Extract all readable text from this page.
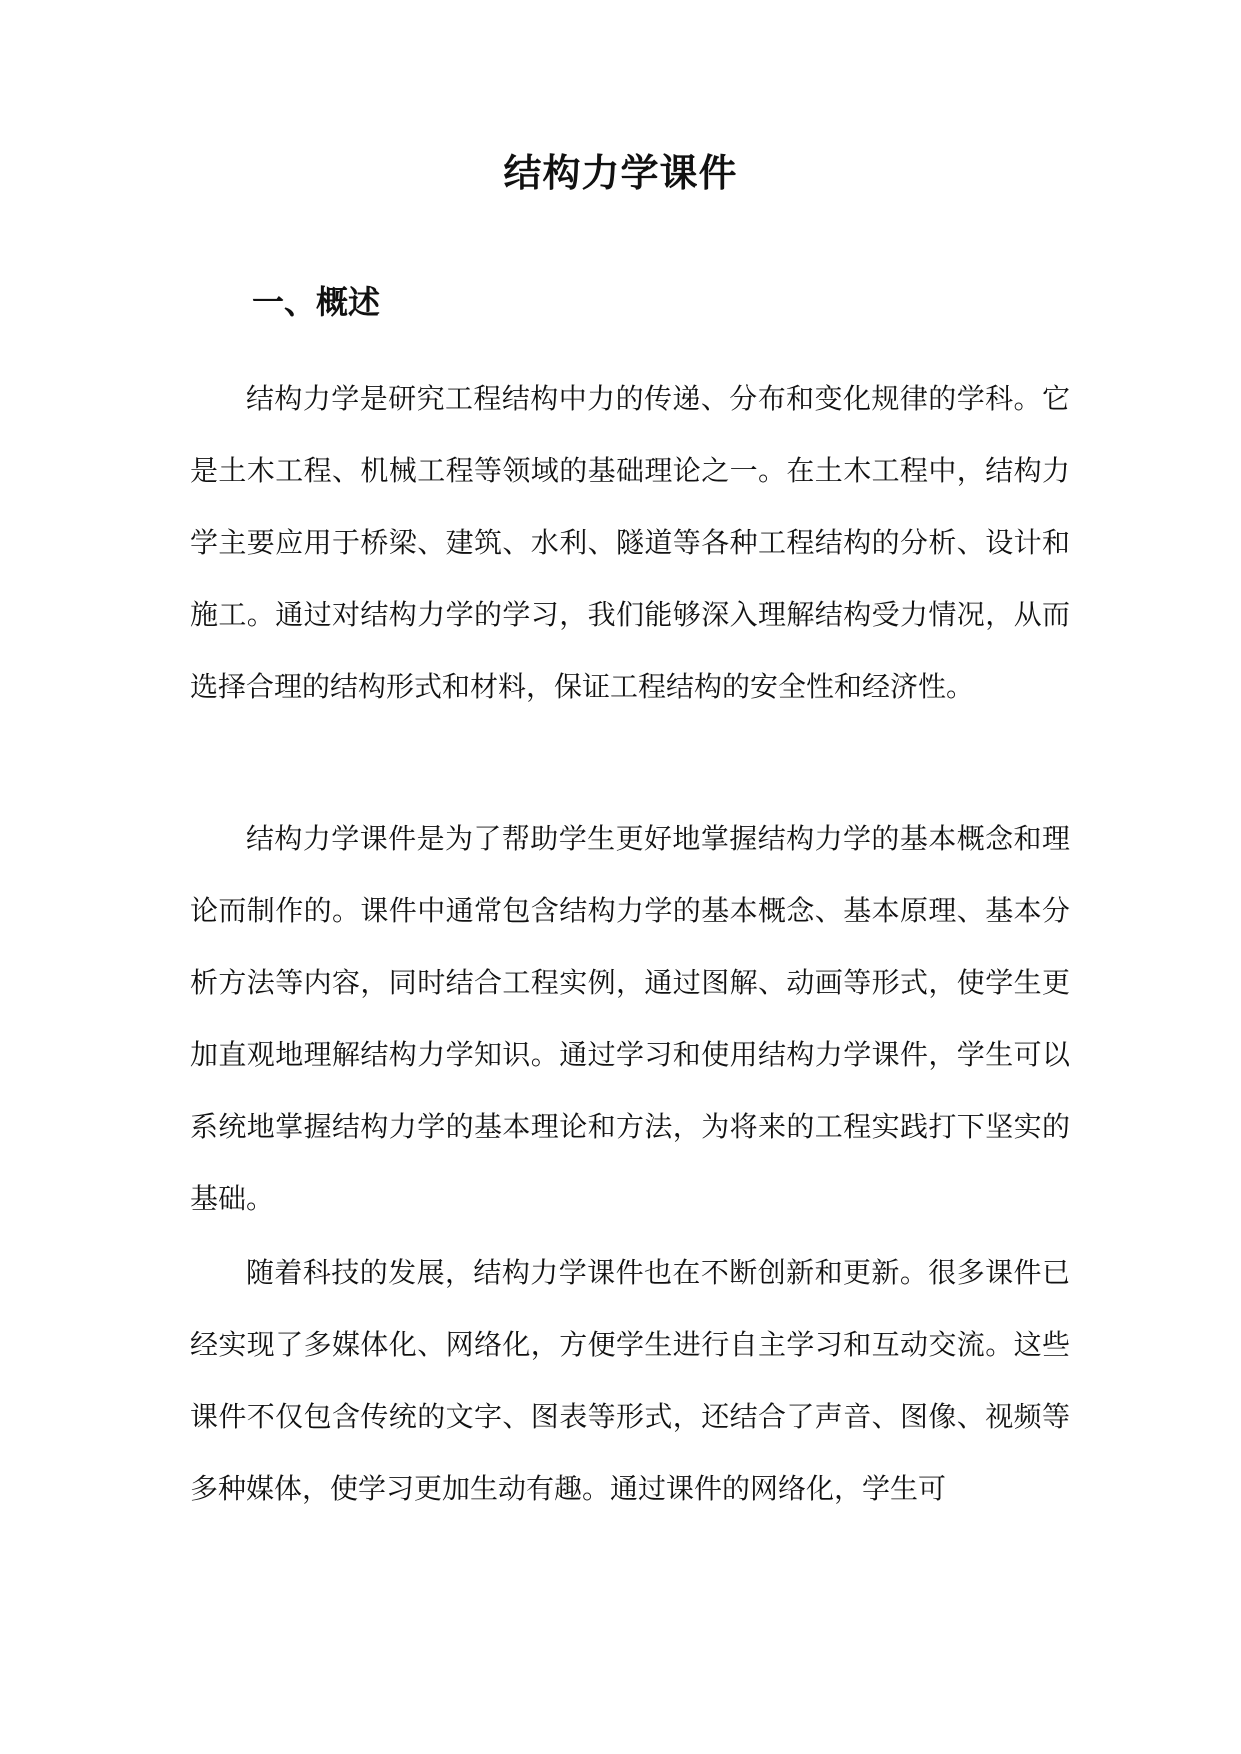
结构力学课件
一、概述

结构力学是研究工程结构中力的传递、分布和变化规律的学科。它是土木工程、机械工程等领域的基础理论之一。在土木工程中，结构力学主要应用于桥梁、建筑、水利、隧道等各种工程结构的分析、设计和施工。通过对结构力学的学习，我们能够深入理解结构受力情况，从而选择合理的结构形式和材料，保证工程结构的安全性和经济性。

结构力学课件是为了帮助学生更好地掌握结构力学的基本概念和理论而制作的。课件中通常包含结构力学的基本概念、基本原理、基本分析方法等内容，同时结合工程实例，通过图解、动画等形式，使学生更加直观地理解结构力学知识。通过学习和使用结构力学课件，学生可以系统地掌握结构力学的基本理论和方法，为将来的工程实践打下坚实的基础。

随着科技的发展，结构力学课件也在不断创新和更新。很多课件已经实现了多媒体化、网络化，方便学生进行自主学习和互动交流。这些课件不仅包含传统的文字、图表等形式，还结合了声音、图像、视频等多种媒体，使学习更加生动有趣。通过课件的网络化，学生可
